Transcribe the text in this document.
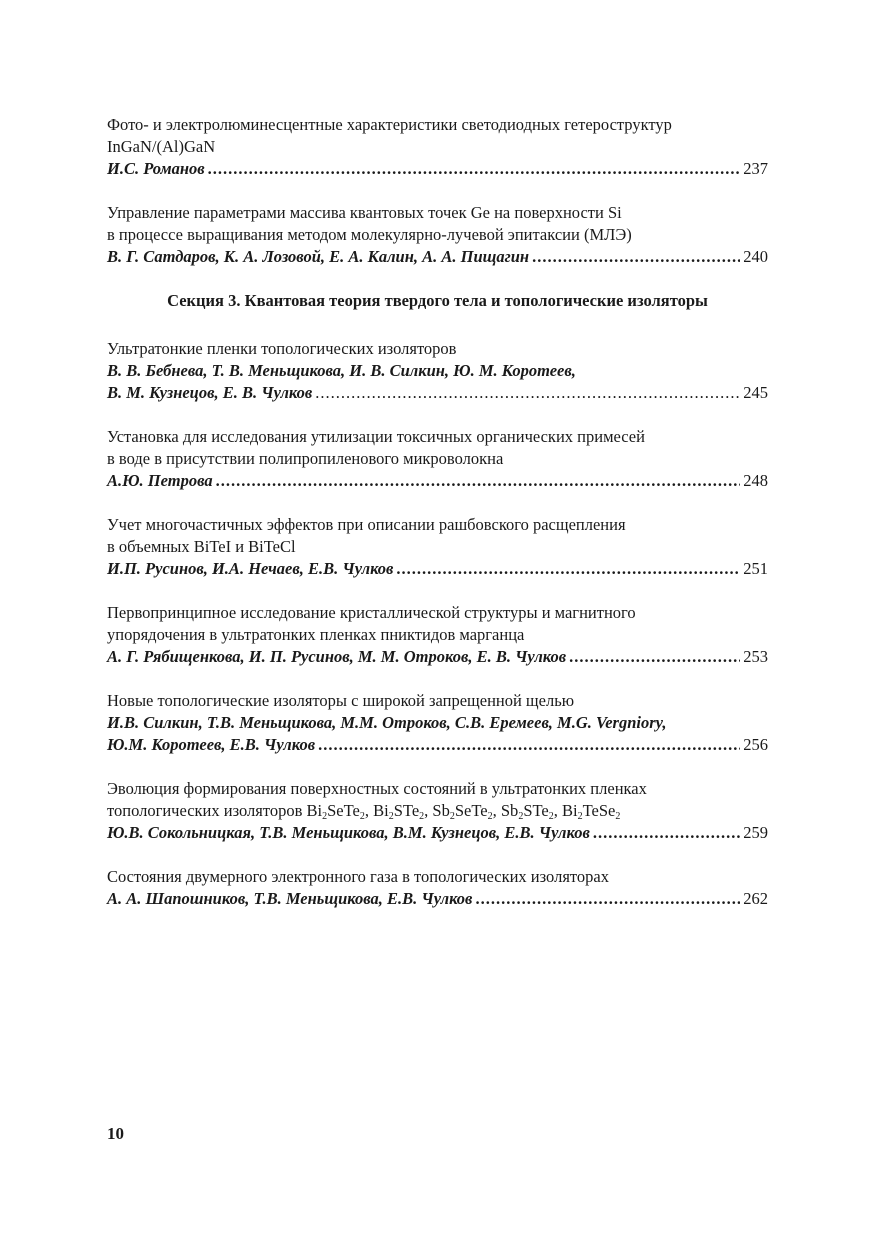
Фото- и электролюминесцентные характеристики светодиодных гетероструктур
InGaN/(Al)GaN
И.С. Романов .....	237
Управление параметрами массива квантовых точек Ge на поверхности Si
в процессе выращивания методом молекулярно-лучевой эпитаксии (МЛЭ)
В. Г. Сатдаров, К. А. Лозовой, Е. А. Калин, А. А. Пищагин .....	240
Секция 3. Квантовая теория твердого тела и топологические изоляторы
Ультратонкие пленки топологических изоляторов
В. В. Бебнева, Т. В. Меньщикова, И. В. Силкин, Ю. М. Коротеев,
В. М. Кузнецов, Е. В. Чулков .....	245
Установка для исследования утилизации токсичных органических примесей
в воде в присутствии полипропиленового микроволокна
А.Ю. Петрова .....	248
Учет многочастичных эффектов при описании рашбовского расщепления
в объемных BiTeI и BiTeCl
И.П. Русинов, И.А. Нечаев, Е.В. Чулков .....	251
Первопринципное исследование кристаллической структуры и магнитного
упорядочения в ультратонких пленках пниктидов марганца
А. Г. Рябищенкова, И. П. Русинов, М. М. Отроков, Е. В. Чулков .....	253
Новые топологические изоляторы с широкой запрещенной щелью
И.В. Силкин, Т.В. Меньщикова, М.М. Отроков, С.В. Еремеев, M.G. Vergniory,
Ю.М. Коротеев, Е.В. Чулков .....	256
Эволюция формирования поверхностных состояний в ультратонких пленках
топологических изоляторов $Bi_2SeTe_2$, $Bi_2STe_2$, $Sb_2SeTe_2$, $Sb_2STe_2$, $Bi_2TeSe_2$
Ю.В. Сокольницкая, Т.В. Меньщикова, В.М. Кузнецов, Е.В. Чулков .....	259
Состояния двумерного электронного газа в топологических изоляторах
А. А. Шапошников, Т.В. Меньщикова, Е.В. Чулков .....	262
10
